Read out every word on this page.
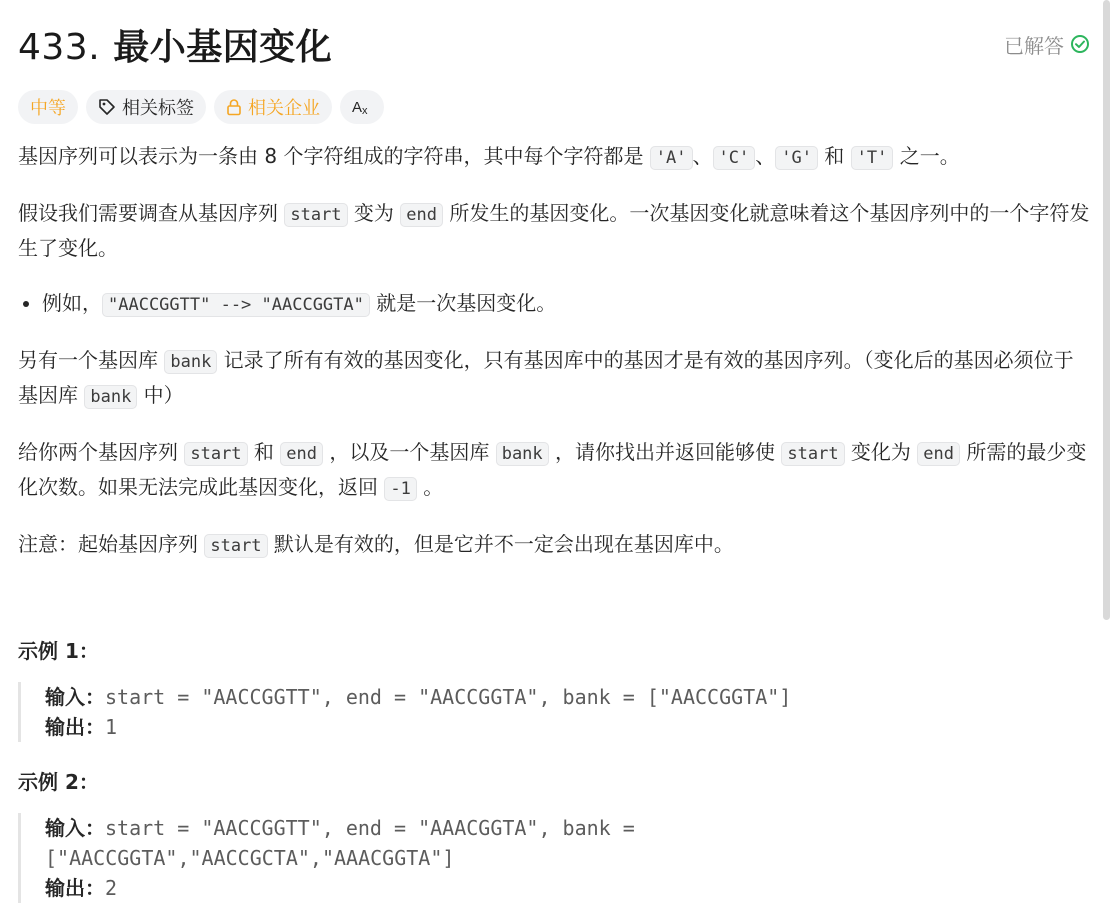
433. 最小基因变化	已解答
中等	相关标签	相关企业 A x

基因序列可以表示为一条由 8 个字符组成的字符串，其中每个字符都是 'A' 、 'C' 、 'G' 和 'T' 之一。

假设我们需要调查从基因序列 start 变为 end 所发生的基因变化。一次基因变化就意味着这个基因序列中的一个字符发生了变化。

• 例如， "AACCGGTT" --> "AACCGGTA" 就是一次基因变化。

另有一个基因库 bank 记录了所有有效的基因变化，只有基因库中的基因才是有效的基因序列。（变化后的基因必须位于基因库 bank 中）

给你两个基因序列 start 和 end ，以及一个基因库 bank ，请你找出并返回能够使 start 变化为 end 所需的最少变化次数。如果无法完成此基因变化，返回 -1 。

注意：起始基因序列 start 默认是有效的，但是它并不一定会出现在基因库中。

示例 1：
输入：start = "AACCGGTT", end = "AACCGGTA", bank = ["AACCGGTA"]
输出：1
示例 2：
输入：start = "AACCGGTT", end = "AAACGGTA", bank =
["AACCGGTA","AACCGCTA","AAACGGTA"]
输出：2
